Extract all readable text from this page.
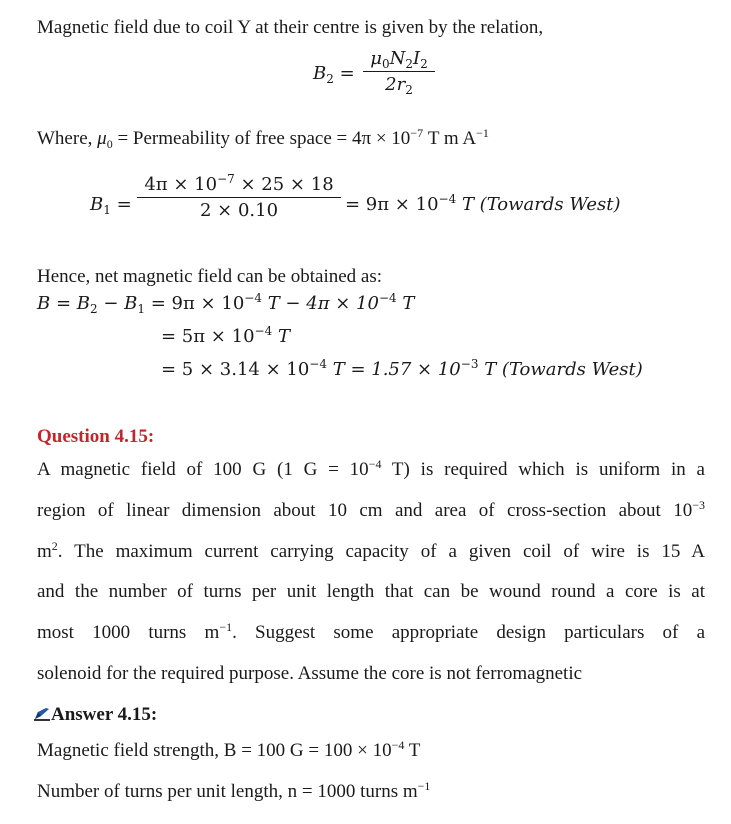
Magnetic field due to coil Y at their centre is given by the relation,
$B_2$ =
$\mu_0N_2I_2$
$2r_2$
Where, $\mu_0$ = Permeability of free space = $4\pi \times 10^{-7}$ T m $A^{-1}$
$B_1$ =
$4\pi \times 10^{-7} \times 25 \times 18$
2 × 0.10	= $9\pi \times 10^{-4}$ T (Towards West)
Hence, net magnetic field can be obtained as:
$B = B_2 - B_1 = 9\pi \times 10^{-4}$ $T - 4\pi \times 10^{-4}$ T
= $5\pi \times 10^{-4}$ T
= $5 \times 3.14 \times 10^{-4}$ $T = 1.57 \times 10^{-3}$ T (Towards West)
Question 4.15:
A magnetic field of 100 G (1 $G = 10^{-4}$ T) is required which is uniform in a
region of linear dimension about 10 cm and area of cross-section about $10^{-3}$
$m^2$. The maximum current carrying capacity of a given coil of wire is 15 A
and the number of turns per unit length that can be wound round a core is at
most 1000 turns $m^{-1}$. Suggest some appropriate design particulars of a
solenoid for the required purpose. Assume the core is not ferromagnetic
Answer 4.15:
Magnetic field strength, B = 100 $G = 100 \times 10^{-4}$ T
Number of turns per unit length, n = 1000 turns $m^{-1}$
